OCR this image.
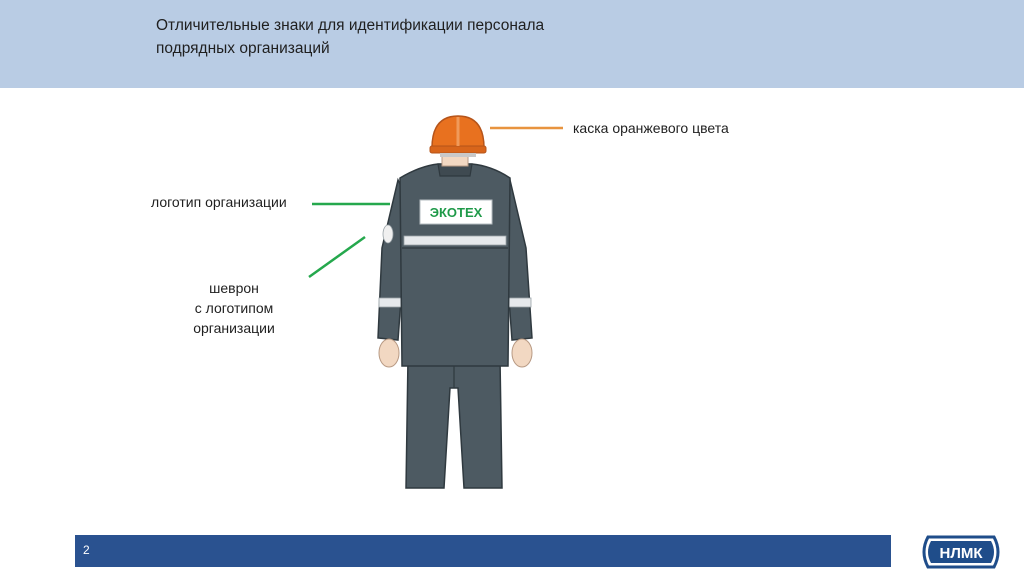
Отличительные знаки для идентификации персонала
подрядных организаций
каска оранжевого цвета
логотип организации
шеврон
с логотипом
организации
ЭКОТЕХ
2	НЛМК
